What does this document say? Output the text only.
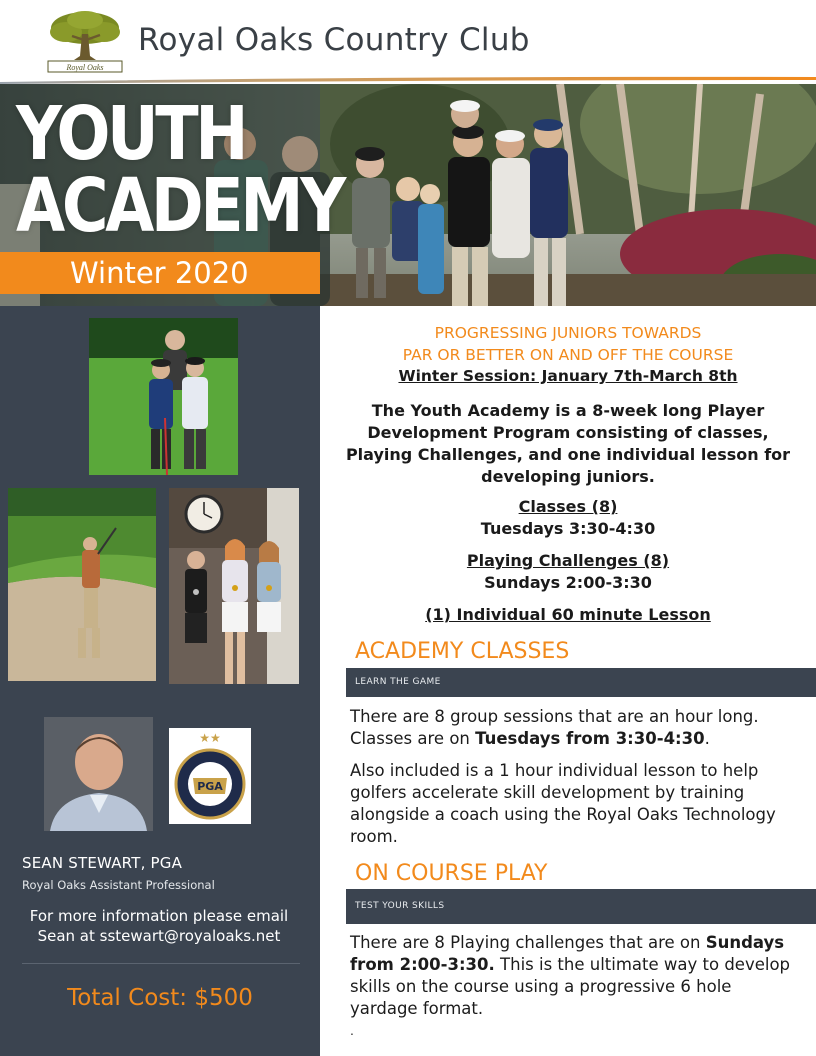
Royal Oaks
Royal Oaks Country Club
YOUTH
ACADEMY
Winter 2020
★★
PGA
SEAN STEWART, PGA
Royal Oaks Assistant Professional
For more information please email
Sean at sstewart@royaloaks.net
Total Cost: $500
PROGRESSING JUNIORS TOWARDS
PAR OR BETTER ON AND OFF THE COURSE
Winter Session: January 7th-March 8th
The Youth Academy is a 8-week long Player Development Program consisting of classes, Playing Challenges, and one individual lesson for developing juniors.
Classes (8)
Tuesdays 3:30-4:30
Playing Challenges (8)
Sundays 2:00-3:30
(1) Individual 60 minute Lesson
ACADEMY CLASSES
LEARN THE GAME
There are 8 group sessions that are an hour long. Classes are on Tuesdays from 3:30-4:30.
Also included is a 1 hour individual lesson to help golfers accelerate skill development by training alongside a coach using the Royal Oaks Technology room.
ON COURSE PLAY
TEST YOUR SKILLS
There are 8 Playing challenges that are on Sundays from 2:00-3:30. This is the ultimate way to develop skills on the course using a progressive 6 hole yardage format.
.
